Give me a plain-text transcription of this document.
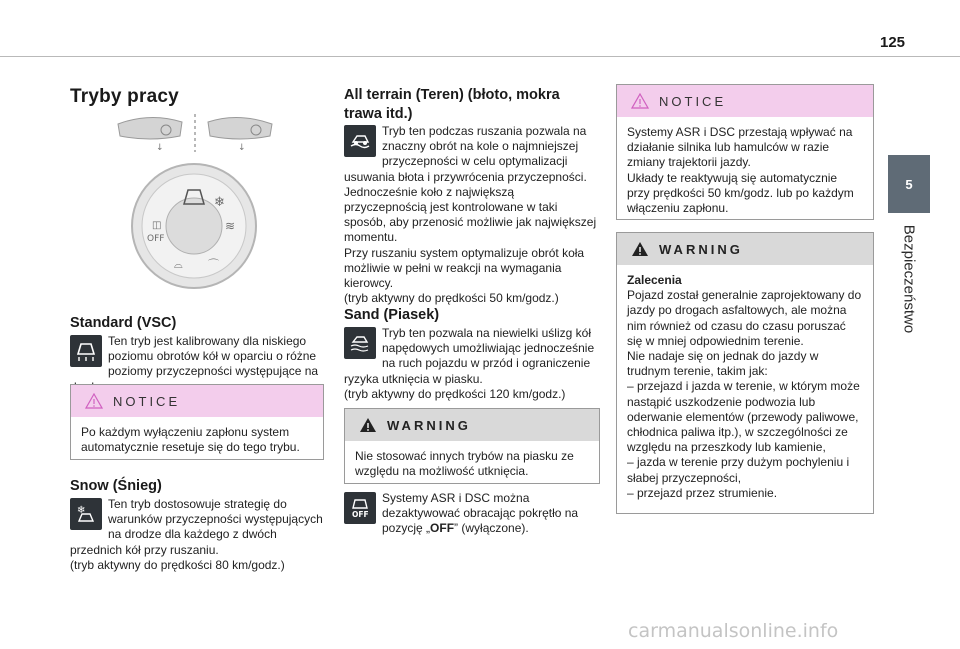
125
5
Bezpieczeństwo
Tryby pracy
↓	↓
❄
≋
◫
OFF
⌓ ⌒
Standard (VSC)
Ten tryb jest kalibrowany dla niskiego poziomu obrotów kół w oparciu o różne poziomy przyczepności występujące na
NOTICE
Po każdym wyłączeniu zapłonu system automatycznie resetuje się do tego trybu.
Snow (Śnieg)
❄ Ten tryb dostosowuje strategię do warunków przyczepności występujących na drodze dla każdego z dwóch przednich kół przy ruszaniu.
(tryb aktywny do prędkości 80 km/godz.)
All terrain (Teren) (błoto, mokra trawa itd.)
Tryb ten podczas ruszania pozwala na znaczny obrót na kole o najmniejszej przyczepności w celu optymalizacji usuwania błota i przywrócenia przyczepności.
Jednocześnie koło z największą przyczepnością jest kontrolowane w taki sposób, aby przenosić możliwie jak największej momentu.
Przy ruszaniu system optymalizuje obrót koła możliwie w pełni w reakcji na wymagania kierowcy.
(tryb aktywny do prędkości 50 km/godz.)
Sand (Piasek)
Tryb ten pozwala na niewielki uślizg kół napędowych umożliwiając jednocześnie na ruch pojazdu w przód i ograniczenie ryzyka utknięcia w piasku.
(tryb aktywny do prędkości 120 km/godz.)
WARNING
Nie stosować innych trybów na piasku ze względu na możliwość utknięcia.
OFF
Systemy ASR i DSC można dezaktywować obracając pokrętło na pozycję „OFF” (wyłączone).
NOTICE
Systemy ASR i DSC przestają wpływać na działanie silnika lub hamulców w razie zmiany trajektorii jazdy.
Układy te reaktywują się automatycznie przy prędkości 50 km/godz. lub po każdym włączeniu zapłonu.
WARNING
Zalecenia
Pojazd został generalnie zaprojektowany do jazdy po drogach asfaltowych, ale można nim również od czasu do czasu poruszać się w mniej odpowiednim terenie.
Nie nadaje się on jednak do jazdy w trudnym terenie, takim jak:
– przejazd i jazda w terenie, w którym może nastąpić uszkodzenie podwozia lub oderwanie elementów (przewody paliwowe, chłodnica paliwa itp.), w szczególności ze względu na przeszkody lub kamienie,
– jazda w terenie przy dużym pochyleniu i słabej przyczepności,
– przejazd przez strumienie.
carmanualsonline.info
